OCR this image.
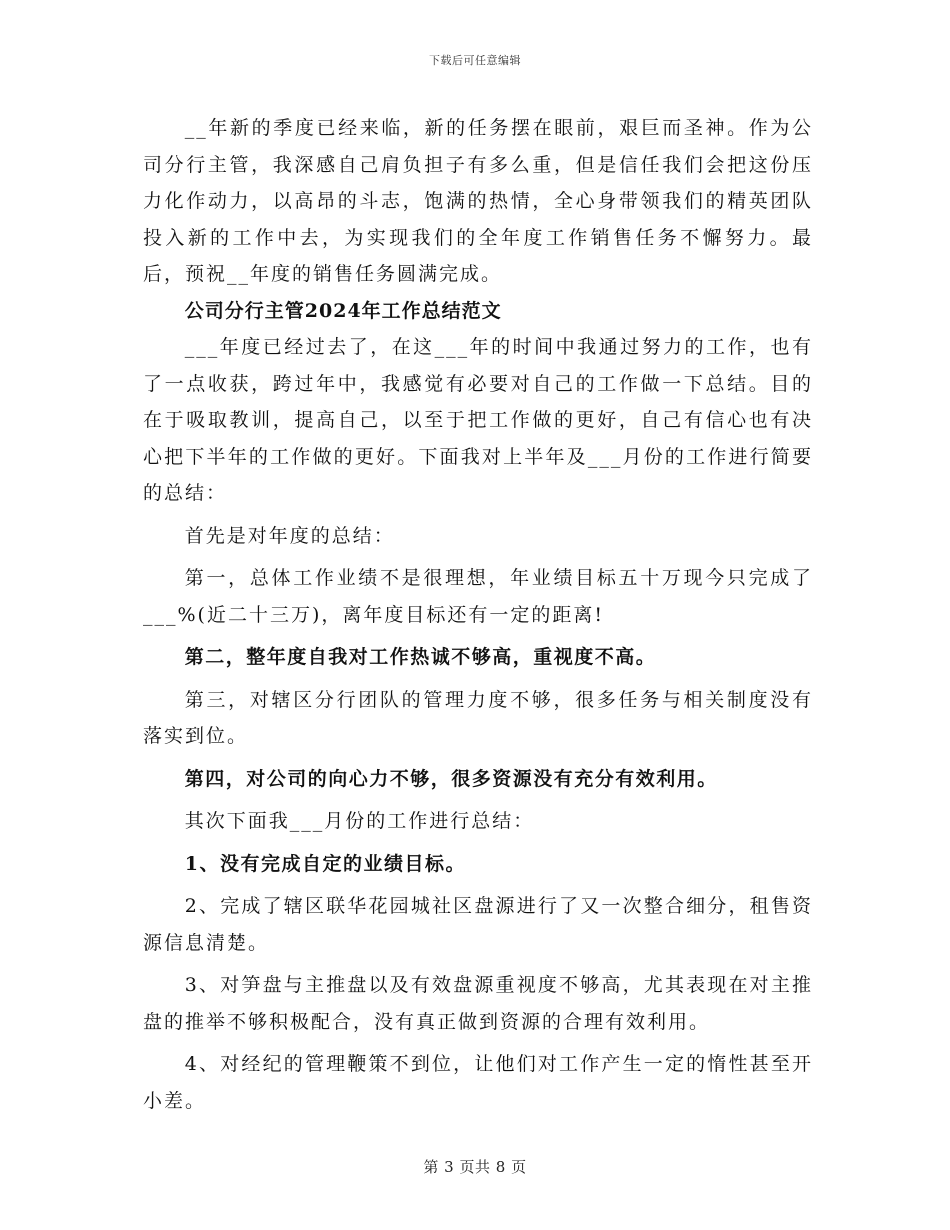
下载后可任意编辑

__年新的季度已经来临，新的任务摆在眼前，艰巨而圣神。作为公司分行主管，我深感自己肩负担子有多么重，但是信任我们会把这份压力化作动力，以高昂的斗志，饱满的热情，全心身带领我们的精英团队投入新的工作中去，为实现我们的全年度工作销售任务不懈努力。最后，预祝__年度的销售任务圆满完成。

公司分行主管2024年工作总结范文

___年度已经过去了，在这___年的时间中我通过努力的工作，也有了一点收获，跨过年中，我感觉有必要对自己的工作做一下总结。目的在于吸取教训，提高自己，以至于把工作做的更好，自己有信心也有决心把下半年的工作做的更好。下面我对上半年及___月份的工作进行简要的总结：

首先是对年度的总结：

第一，总体工作业绩不是很理想，年业绩目标五十万现今只完成了___%(近二十三万)，离年度目标还有一定的距离!

第二，整年度自我对工作热诚不够高，重视度不高。

第三，对辖区分行团队的管理力度不够，很多任务与相关制度没有落实到位。

第四，对公司的向心力不够，很多资源没有充分有效利用。

其次下面我___月份的工作进行总结：

1、没有完成自定的业绩目标。

2、完成了辖区联华花园城社区盘源进行了又一次整合细分，租售资源信息清楚。

3、对笋盘与主推盘以及有效盘源重视度不够高，尤其表现在对主推盘的推举不够积极配合，没有真正做到资源的合理有效利用。

4、对经纪的管理鞭策不到位，让他们对工作产生一定的惰性甚至开小差。

第 3 页共 8 页
